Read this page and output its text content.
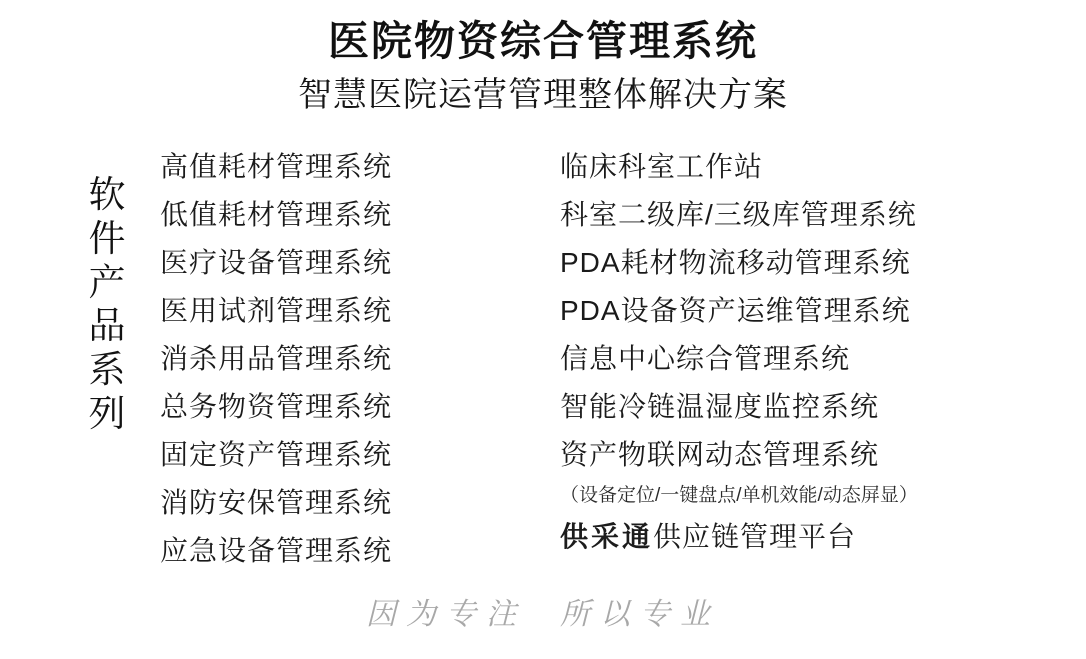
医院物资综合管理系统
智慧医院运营管理整体解决方案
软
件
产
品
系
列
高值耗材管理系统
低值耗材管理系统
医疗设备管理系统
医用试剂管理系统
消杀用品管理系统
总务物资管理系统
固定资产管理系统
消防安保管理系统
应急设备管理系统
临床科室工作站
科室二级库/三级库管理系统
PDA耗材物流移动管理系统
PDA设备资产运维管理系统
信息中心综合管理系统
智能冷链温湿度监控系统
资产物联网动态管理系统
（设备定位/一键盘点/单机效能/动态屏显）
供采通供应链管理平台
因为专注 所以专业
